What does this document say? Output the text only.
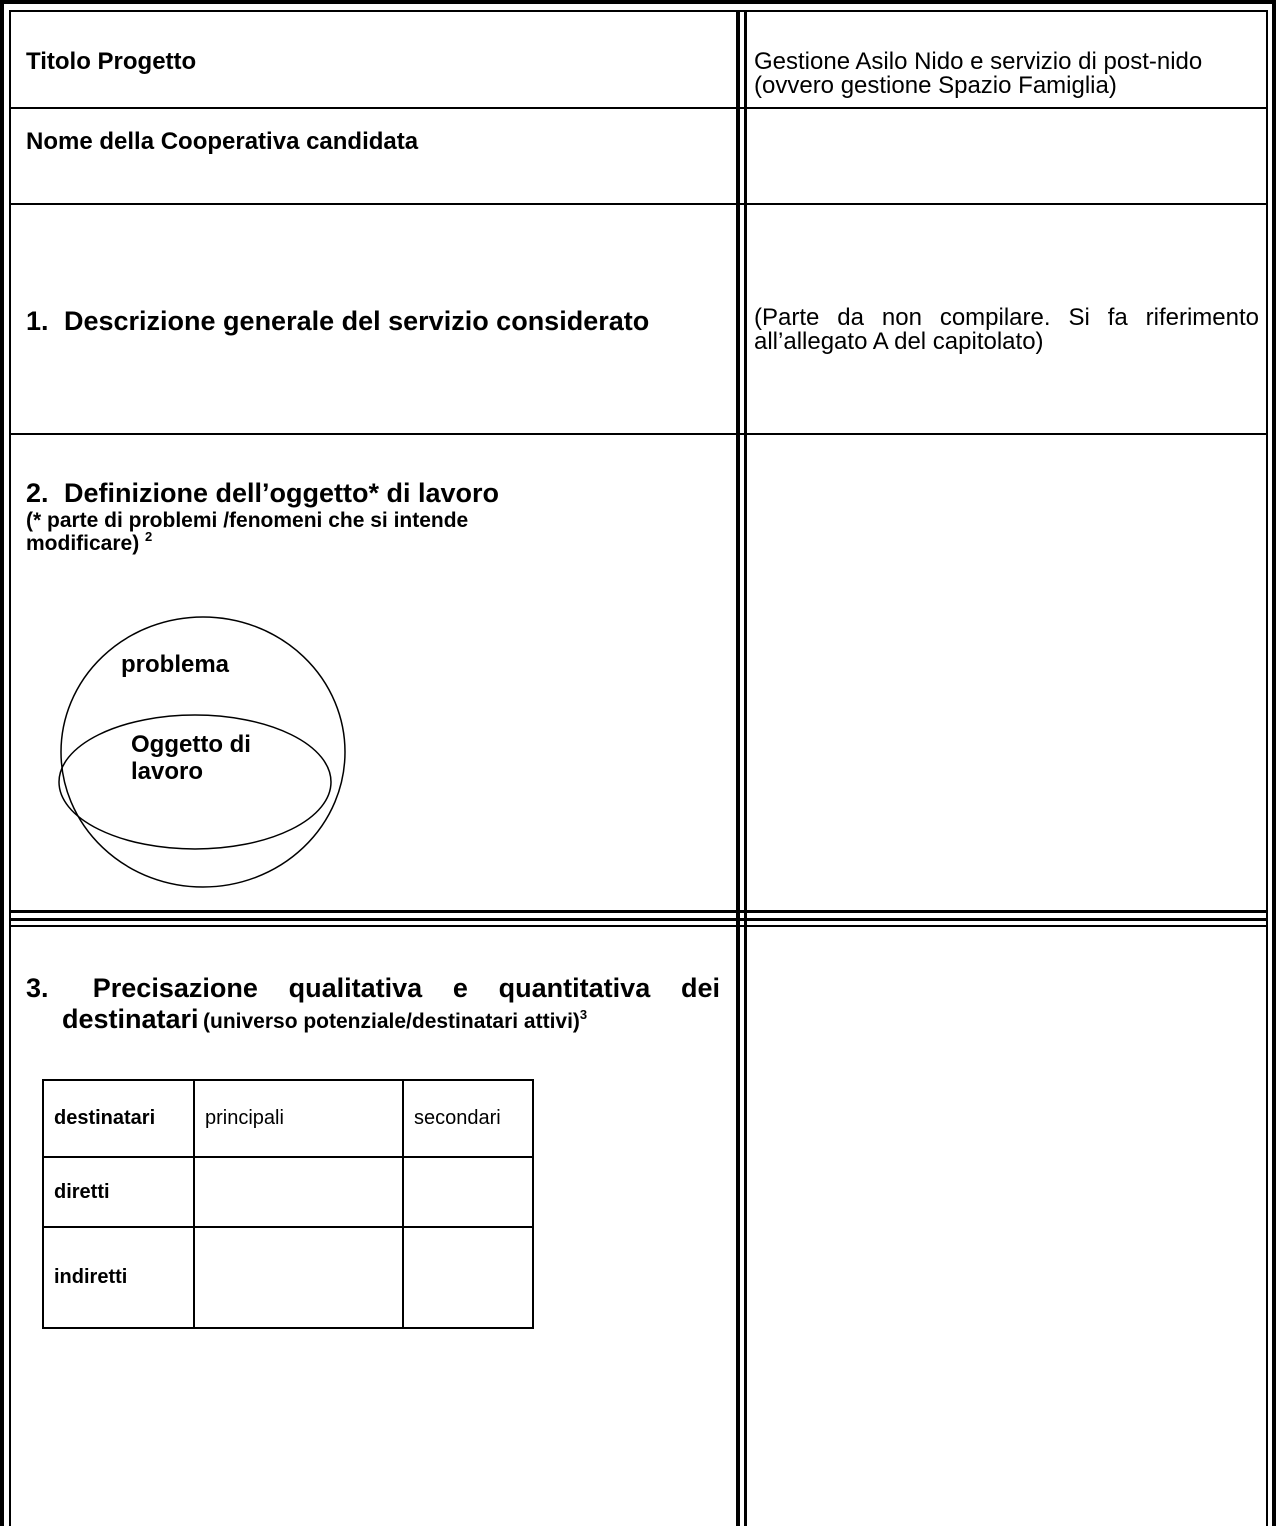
Titolo Progetto	Gestione Asilo Nido e servizio di post-nido
(ovvero gestione Spazio Famiglia)
Nome della Cooperativa candidata
1. Descrizione generale del servizio considerato	(Parte da non compilare. Si fa riferimento
all’allegato A del capitolato)
2. Definizione dell’oggetto* di lavoro
(* parte di problemi /fenomeni che si intende
modificare) $^2$
problema
Oggetto di
lavoro
3. Precisazione qualitativa e quantitativa dei
destinatari (universo potenziale/destinatari attivi)$^3$
destinatari	principali	secondari
diretti		
indiretti		
